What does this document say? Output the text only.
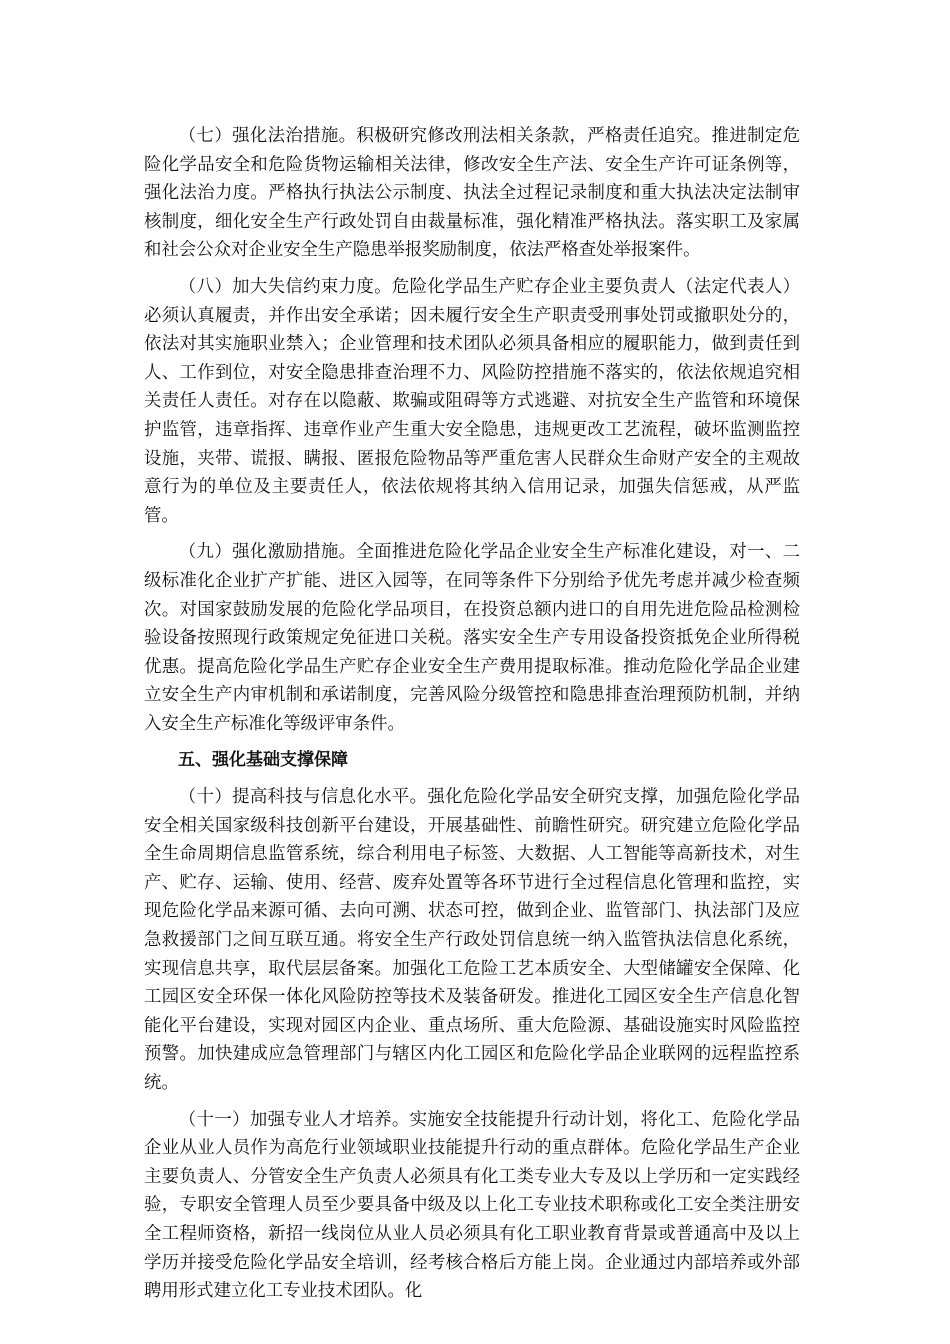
（七）强化法治措施。积极研究修改刑法相关条款，严格责任追究。推进制定危险化学品安全和危险货物运输相关法律，修改安全生产法、安全生产许可证条例等，强化法治力度。严格执行执法公示制度、执法全过程记录制度和重大执法决定法制审核制度，细化安全生产行政处罚自由裁量标准，强化精准严格执法。落实职工及家属和社会公众对企业安全生产隐患举报奖励制度，依法严格查处举报案件。

（八）加大失信约束力度。危险化学品生产贮存企业主要负责人（法定代表人）必须认真履责，并作出安全承诺；因未履行安全生产职责受刑事处罚或撤职处分的，依法对其实施职业禁入；企业管理和技术团队必须具备相应的履职能力，做到责任到人、工作到位，对安全隐患排查治理不力、风险防控措施不落实的，依法依规追究相关责任人责任。对存在以隐蔽、欺骗或阻碍等方式逃避、对抗安全生产监管和环境保护监管，违章指挥、违章作业产生重大安全隐患，违规更改工艺流程，破坏监测监控设施，夹带、谎报、瞒报、匿报危险物品等严重危害人民群众生命财产安全的主观故意行为的单位及主要责任人，依法依规将其纳入信用记录，加强失信惩戒，从严监管。

（九）强化激励措施。全面推进危险化学品企业安全生产标准化建设，对一、二级标准化企业扩产扩能、进区入园等，在同等条件下分别给予优先考虑并减少检查频次。对国家鼓励发展的危险化学品项目，在投资总额内进口的自用先进危险品检测检验设备按照现行政策规定免征进口关税。落实安全生产专用设备投资抵免企业所得税优惠。提高危险化学品生产贮存企业安全生产费用提取标准。推动危险化学品企业建立安全生产内审机制和承诺制度，完善风险分级管控和隐患排查治理预防机制，并纳入安全生产标准化等级评审条件。

五、强化基础支撑保障

（十）提高科技与信息化水平。强化危险化学品安全研究支撑，加强危险化学品安全相关国家级科技创新平台建设，开展基础性、前瞻性研究。研究建立危险化学品全生命周期信息监管系统，综合利用电子标签、大数据、人工智能等高新技术，对生产、贮存、运输、使用、经营、废弃处置等各环节进行全过程信息化管理和监控，实现危险化学品来源可循、去向可溯、状态可控，做到企业、监管部门、执法部门及应急救援部门之间互联互通。将安全生产行政处罚信息统一纳入监管执法信息化系统，实现信息共享，取代层层备案。加强化工危险工艺本质安全、大型储罐安全保障、化工园区安全环保一体化风险防控等技术及装备研发。推进化工园区安全生产信息化智能化平台建设，实现对园区内企业、重点场所、重大危险源、基础设施实时风险监控预警。加快建成应急管理部门与辖区内化工园区和危险化学品企业联网的远程监控系统。

（十一）加强专业人才培养。实施安全技能提升行动计划，将化工、危险化学品企业从业人员作为高危行业领域职业技能提升行动的重点群体。危险化学品生产企业主要负责人、分管安全生产负责人必须具有化工类专业大专及以上学历和一定实践经验，专职安全管理人员至少要具备中级及以上化工专业技术职称或化工安全类注册安全工程师资格，新招一线岗位从业人员必须具有化工职业教育背景或普通高中及以上学历并接受危险化学品安全培训，经考核合格后方能上岗。企业通过内部培养或外部聘用形式建立化工专业技术团队。化
